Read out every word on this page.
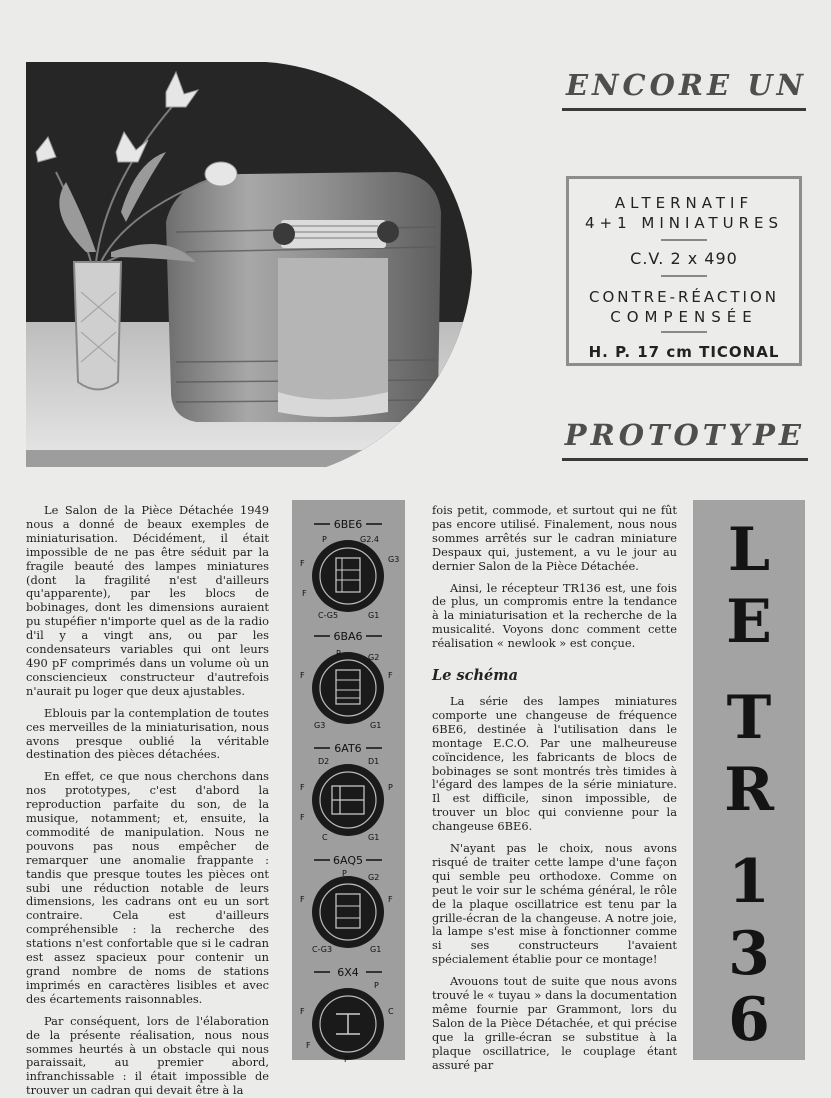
ENCORE UN
ALTERNATIF
4+1 MINIATURES
C.V. 2 x 490
CONTRE-RÉACTION
COMPENSÉE
H. P. 17 cm TICONAL
PROTOTYPE

Le Salon de la Pièce Détachée 1949 nous a donné de beaux exemples de miniaturisation. Décidément, il était impossible de ne pas être séduit par la fragile beauté des lampes miniatures (dont la fragilité n'est d'ailleurs qu'apparente), par les blocs de bobinages, dont les dimensions auraient pu stupéfier n'importe quel as de la radio d'il y a vingt ans, ou par les condensateurs variables qui ont leurs 490 pF comprimés dans un volume où un consciencieux constructeur d'autrefois n'aurait pu loger que deux ajustables.

Eblouis par la contemplation de toutes ces merveilles de la miniaturisation, nous avons presque oublié la véritable destination des pièces détachées.

En effet, ce que nous cherchons dans nos prototypes, c'est d'abord la reproduction parfaite du son, de la musique, notamment; et, ensuite, la commodité de manipulation. Nous ne pouvons pas nous empêcher de remarquer une anomalie frappante : tandis que presque toutes les pièces ont subi une réduction notable de leurs dimensions, les cadrans ont eu un sort contraire. Cela est d'ailleurs compréhensible : la recherche des stations n'est confortable que si le cadran est assez spacieux pour contenir un grand nombre de noms de stations imprimés en caractères lisibles et avec des écartements raisonnables.

Par conséquent, lors de l'élaboration de la présente réalisation, nous nous sommes heurtés à un obstacle qui nous paraissait, au premier abord, infranchissable : il était impossible de trouver un cadran qui devait être à la

6BE6
P	G2.4
F	G3
F
C-G5	G1
6BA6
P	G2
F	F
G3	G1
6AT6
D2	D1
F	P
F
C	G1
6AQ5
P	G2
F	F
C-G3	G1
6X4
P
F	C
F
P

fois petit, commode, et surtout qui ne fût pas encore utilisé. Finalement, nous nous sommes arrêtés sur le cadran miniature Despaux qui, justement, a vu le jour au dernier Salon de la Pièce Détachée.

Ainsi, le récepteur TR136 est, une fois de plus, un compromis entre la tendance à la miniaturisation et la recherche de la musicalité. Voyons donc comment cette réalisation « newlook » est conçue.

Le schéma

La série des lampes miniatures comporte une changeuse de fréquence 6BE6, destinée à l'utilisation dans le montage E.C.O. Par une malheureuse coïncidence, les fabricants de blocs de bobinages se sont montrés très timides à l'égard des lampes de la série miniature. Il est difficile, sinon impossible, de trouver un bloc qui convienne pour la changeuse 6BE6.

N'ayant pas le choix, nous avons risqué de traiter cette lampe d'une façon qui semble peu orthodoxe. Comme on peut le voir sur le schéma général, le rôle de la plaque oscillatrice est tenu par la grille-écran de la changeuse. A notre joie, la lampe s'est mise à fonctionner comme si ses constructeurs l'avaient spécialement établie pour ce montage!

Avouons tout de suite que nous avons trouvé le « tuyau » dans la documentation même fournie par Grammont, lors du Salon de la Pièce Détachée, et qui précise que la grille-écran se substitue à la plaque oscillatrice, le couplage étant assuré par

L
E
T
R
1
3
6
